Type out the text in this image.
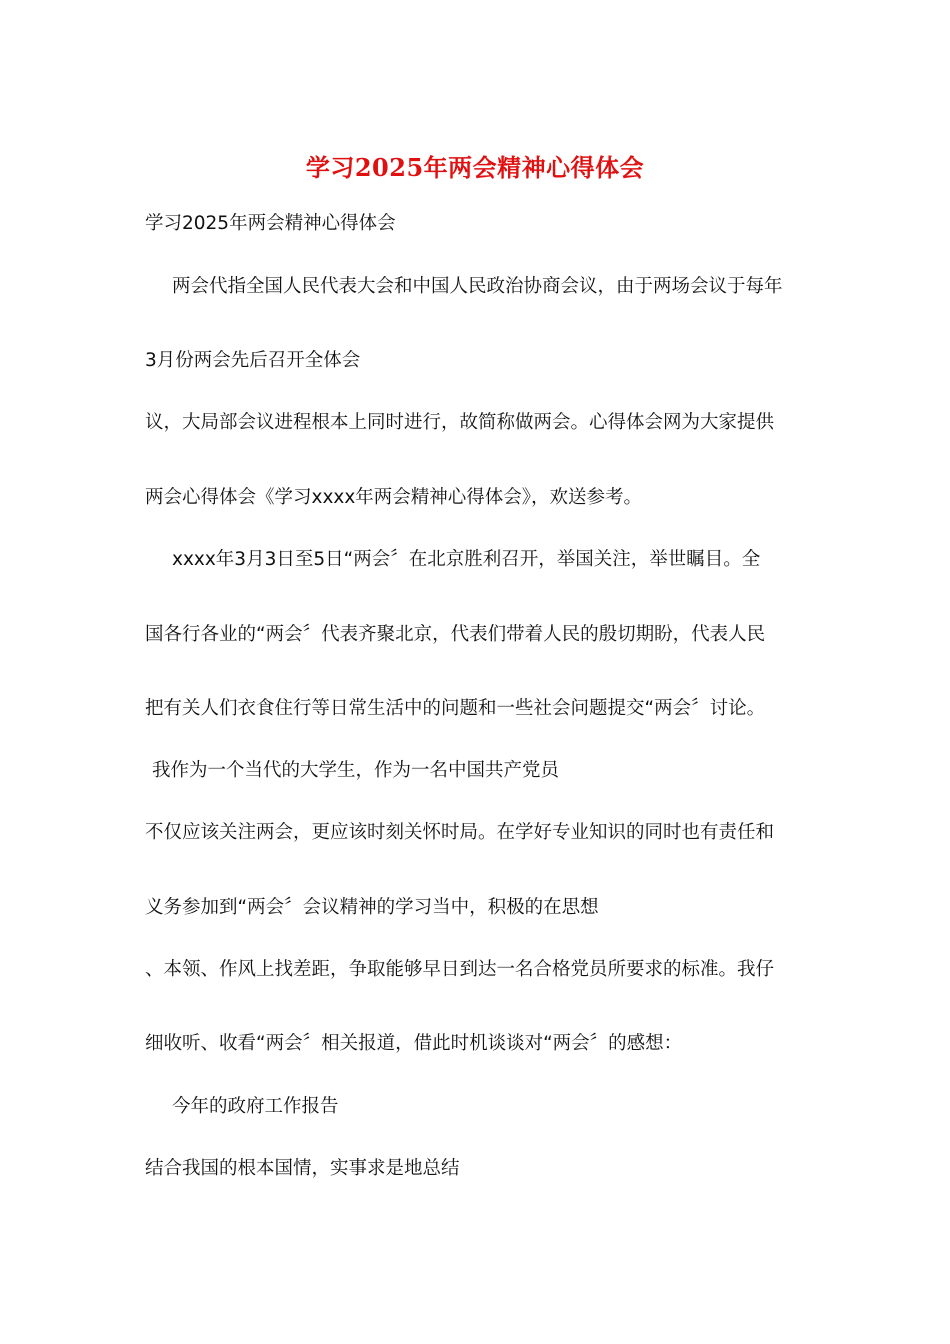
学习2025年两会精神心得体会
学习2025年两会精神心得体会
两会代指全国人民代表大会和中国人民政治协商会议，由于两场会议于每年
3月份两会先后召开全体会
议，大局部会议进程根本上同时进行，故简称做两会。心得体会网为大家提供
两会心得体会《学习xxxx年两会精神心得体会》，欢送参考。
xxxx年3月3日至5日“两会〞在北京胜利召开，举国关注，举世瞩目。全
国各行各业的“两会〞代表齐聚北京，代表们带着人民的殷切期盼，代表人民
把有关人们衣食住行等日常生活中的问题和一些社会问题提交“两会〞讨论。
我作为一个当代的大学生，作为一名中国共产党员
不仅应该关注两会，更应该时刻关怀时局。在学好专业知识的同时也有责任和
义务参加到“两会〞会议精神的学习当中，积极的在思想
、本领、作风上找差距，争取能够早日到达一名合格党员所要求的标准。我仔
细收听、收看“两会〞相关报道，借此时机谈谈对“两会〞的感想：
今年的政府工作报告
结合我国的根本国情，实事求是地总结
